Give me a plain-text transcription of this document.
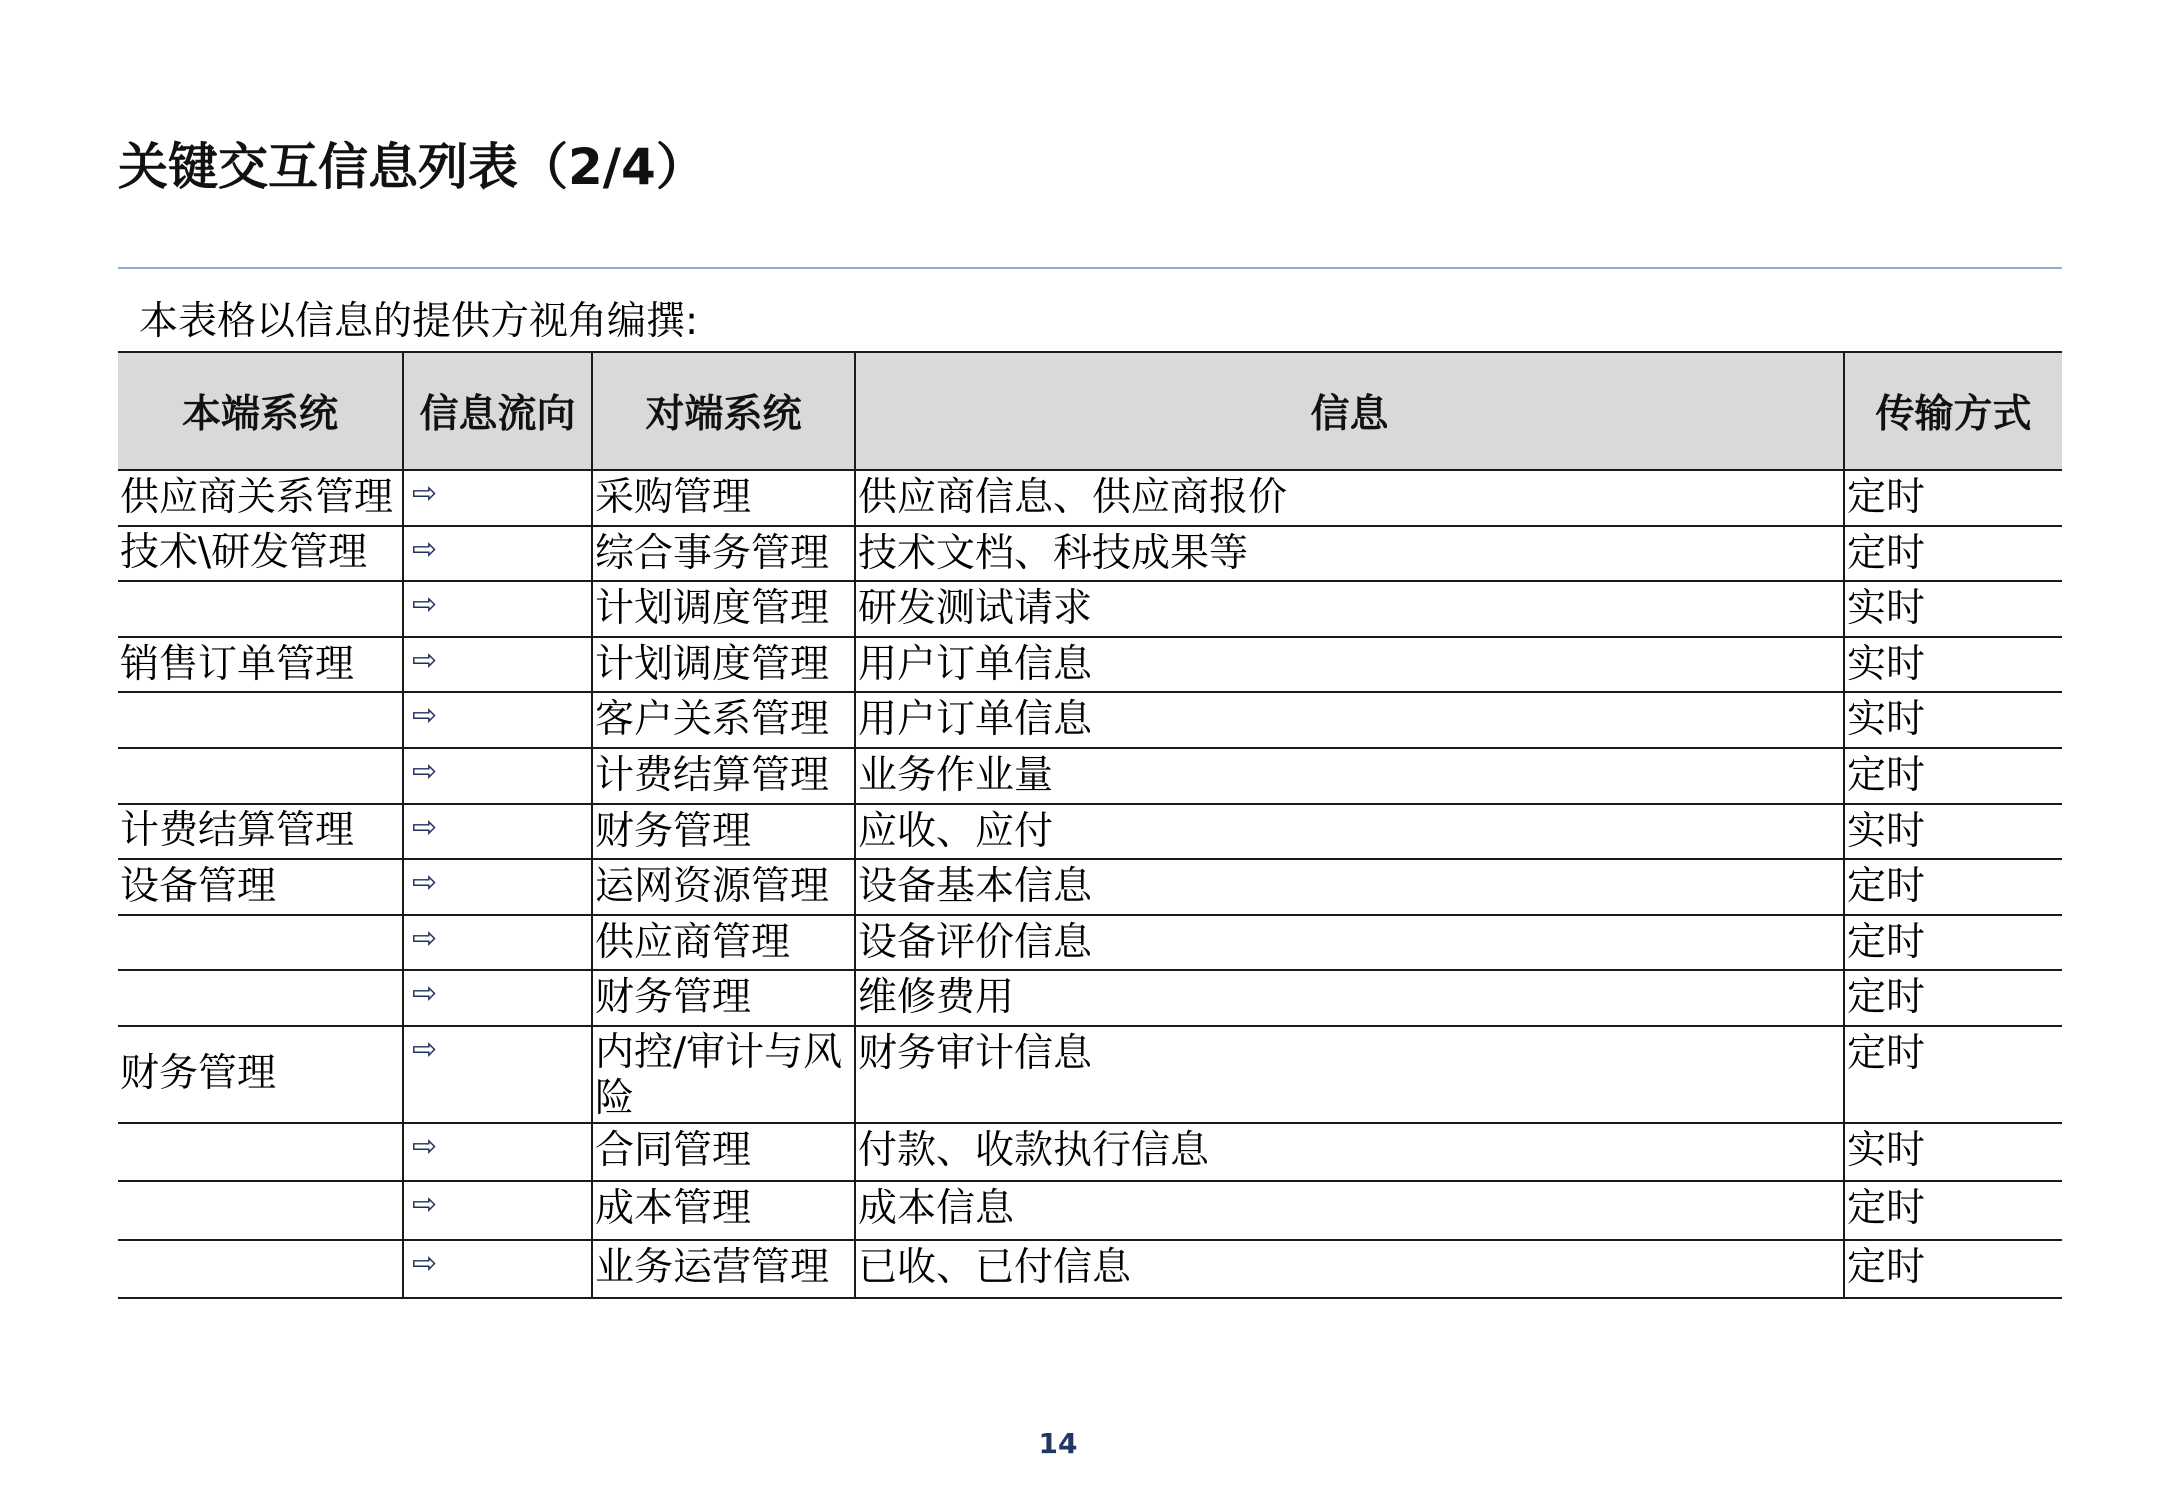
关键交互信息列表（2/4）
本表格以信息的提供方视角编撰:
本端系统	信息流向	对端系统	信息	传输方式
供应商关系管理	⇨	采购管理	供应商信息、供应商报价	定时
技术\研发管理	⇨	综合事务管理	技术文档、科技成果等	定时
	⇨	计划调度管理	研发测试请求	实时
销售订单管理	⇨	计划调度管理	用户订单信息	实时
	⇨	客户关系管理	用户订单信息	实时
	⇨	计费结算管理	业务作业量	定时
计费结算管理	⇨	财务管理	应收、应付	实时
设备管理	⇨	运网资源管理	设备基本信息	定时
	⇨	供应商管理	设备评价信息	定时
	⇨	财务管理	维修费用	定时
财务管理	⇨	内控/审计与风险	财务审计信息	定时
	⇨	合同管理	付款、收款执行信息	实时
	⇨	成本管理	成本信息	定时
	⇨	业务运营管理	已收、已付信息	定时
14
